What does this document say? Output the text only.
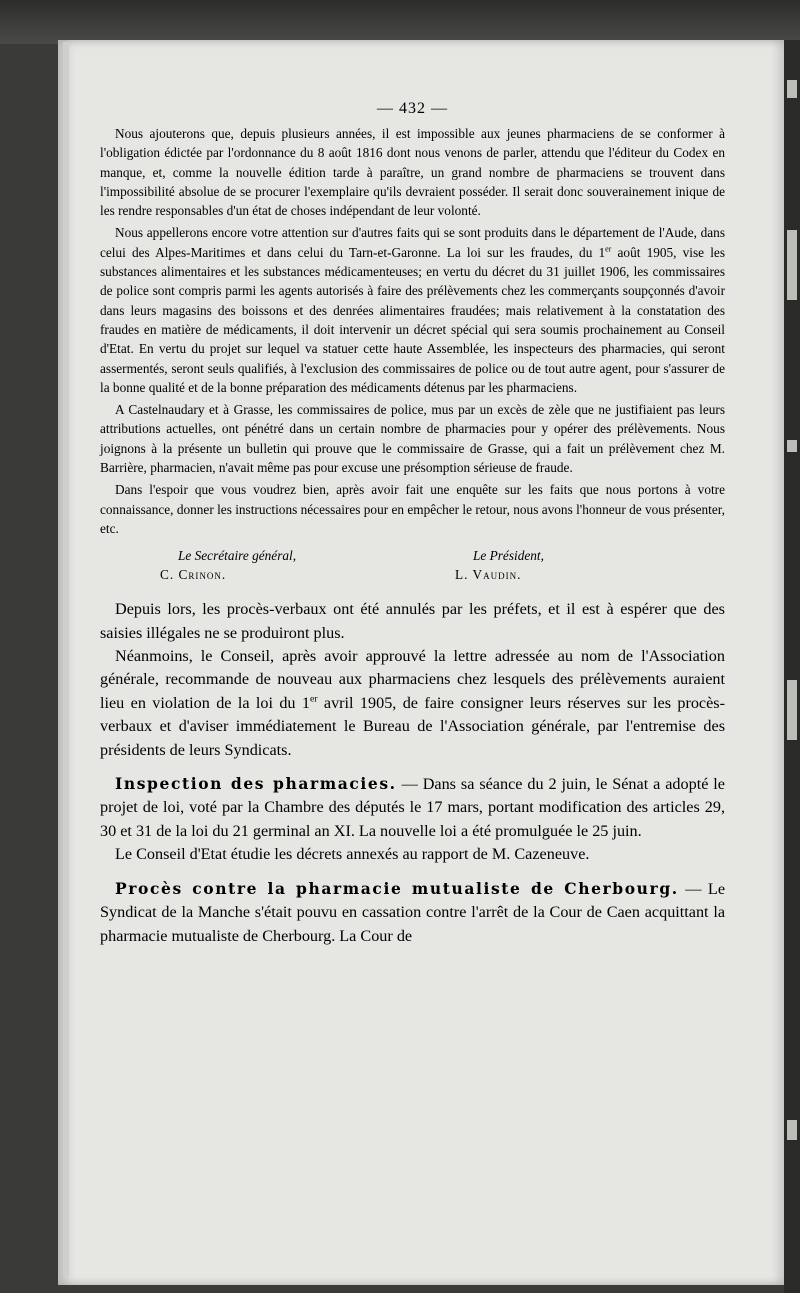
— 432 —

Nous ajouterons que, depuis plusieurs années, il est impossible aux jeunes pharmaciens de se conformer à l'obligation édictée par l'ordonnance du 8 août 1816 dont nous venons de parler, attendu que l'éditeur du Codex en manque, et, comme la nouvelle édition tarde à paraître, un grand nombre de pharmaciens se trouvent dans l'impossibilité absolue de se procurer l'exemplaire qu'ils devraient posséder. Il serait donc souverainement inique de les rendre responsables d'un état de choses indépendant de leur volonté.

Nous appellerons encore votre attention sur d'autres faits qui se sont produits dans le département de l'Aude, dans celui des Alpes-Maritimes et dans celui du Tarn-et-Garonne. La loi sur les fraudes, du 1er août 1905, vise les substances alimentaires et les substances médicamenteuses; en vertu du décret du 31 juillet 1906, les commissaires de police sont compris parmi les agents autorisés à faire des prélèvements chez les commerçants soupçonnés d'avoir dans leurs magasins des boissons et des denrées alimentaires fraudées; mais relativement à la constatation des fraudes en matière de médicaments, il doit intervenir un décret spécial qui sera soumis prochainement au Conseil d'Etat. En vertu du projet sur lequel va statuer cette haute Assemblée, les inspecteurs des pharmacies, qui seront assermentés, seront seuls qualifiés, à l'exclusion des commissaires de police ou de tout autre agent, pour s'assurer de la bonne qualité et de la bonne préparation des médicaments détenus par les pharmaciens.

A Castelnaudary et à Grasse, les commissaires de police, mus par un excès de zèle que ne justifiaient pas leurs attributions actuelles, ont pénétré dans un certain nombre de pharmacies pour y opérer des prélèvements. Nous joignons à la présente un bulletin qui prouve que le commissaire de Grasse, qui a fait un prélèvement chez M. Barrière, pharmacien, n'avait même pas pour excuse une présomption sérieuse de fraude.

Dans l'espoir que vous voudrez bien, après avoir fait une enquête sur les faits que nous portons à votre connaissance, donner les instructions nécessaires pour en empêcher le retour, nous avons l'honneur de vous présenter, etc.

Le Secrétaire général,
C. Crinon.
Le Président,
L. Vaudin.

Depuis lors, les procès-verbaux ont été annulés par les préfets, et il est à espérer que des saisies illégales ne se produiront plus.

Néanmoins, le Conseil, après avoir approuvé la lettre adressée au nom de l'Association générale, recommande de nouveau aux pharmaciens chez lesquels des prélèvements auraient lieu en violation de la loi du 1er avril 1905, de faire consigner leurs réserves sur les procès-verbaux et d'aviser immédiatement le Bureau de l'Association générale, par l'entremise des présidents de leurs Syndicats.

Inspection des pharmacies. — Dans sa séance du 2 juin, le Sénat a adopté le projet de loi, voté par la Chambre des députés le 17 mars, portant modification des articles 29, 30 et 31 de la loi du 21 germinal an XI. La nouvelle loi a été promulguée le 25 juin.

Le Conseil d'Etat étudie les décrets annexés au rapport de M. Cazeneuve.

Procès contre la pharmacie mutualiste de Cherbourg. — Le Syndicat de la Manche s'était pouvu en cassation contre l'arrêt de la Cour de Caen acquittant la pharmacie mutualiste de Cherbourg. La Cour de
